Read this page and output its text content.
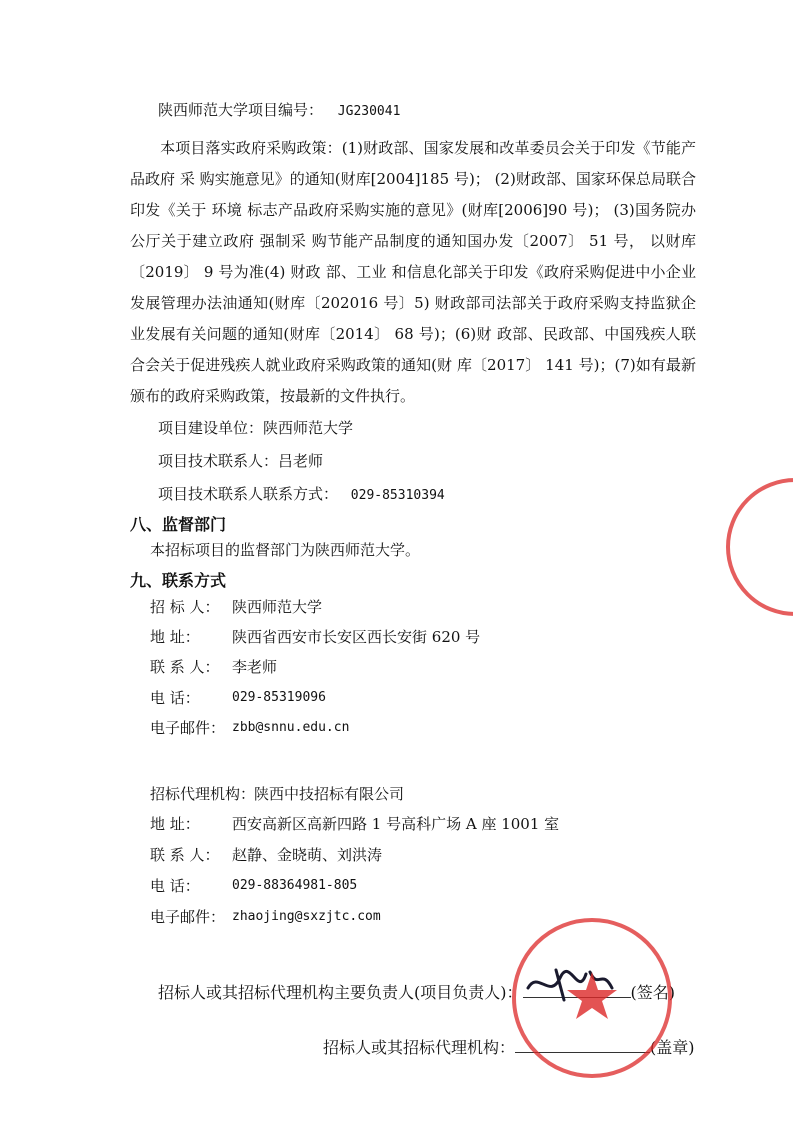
陕西师范大学项目编号： JG230041
本项目落实政府采购政策：(1)财政部、国家发展和改革委员会关于印发《节能产品政府 采 购实施意见》的通知(财库[2004]185 号)； (2)财政部、国家环保总局联合印发《关于 环境 标志产品政府采购实施的意见》(财库[2006]90 号)； (3)国务院办公厅关于建立政府 强制采 购节能产品制度的通知国办发〔2007〕 51 号， 以财库〔2019〕 9 号为准(4) 财政 部、工业 和信息化部关于印发《政府采购促进中小企业发展管理办法油通知(财库〔202016 号〕5) 财政部司法部关于政府采购支持监狱企业发展有关问题的通知(财库〔2014〕 68 号)；(6)财 政部、民政部、中国残疾人联合会关于促进残疾人就业政府采购政策的通知(财 库〔2017〕 141 号)；(7)如有最新颁布的政府采购政策，按最新的文件执行。
项目建设单位：陕西师范大学
项目技术联系人：吕老师
项目技术联系人联系方式： 029-85310394
八、监督部门
本招标项目的监督部门为陕西师范大学。
九、联系方式
招 标 人： 陕西师范大学
地 址：	陕西省西安市长安区西长安街 620 号
联 系 人： 李老师
电 话：	029-85319096
电子邮件： zbb@snnu.edu.cn
招标代理机构：
陕西中技招标有限公司
地 址：	西安高新区高新四路 1 号高科广场 A 座 1001 室
联 系 人： 赵静、金晓萌、刘洪涛
电 话：	029-88364981-805
电子邮件： zhaojing@sxzjtc.com
招标人或其招标代理机构主要负责人(项目负责人)：	(签名)
招标人或其招标代理机构：	(盖章)
